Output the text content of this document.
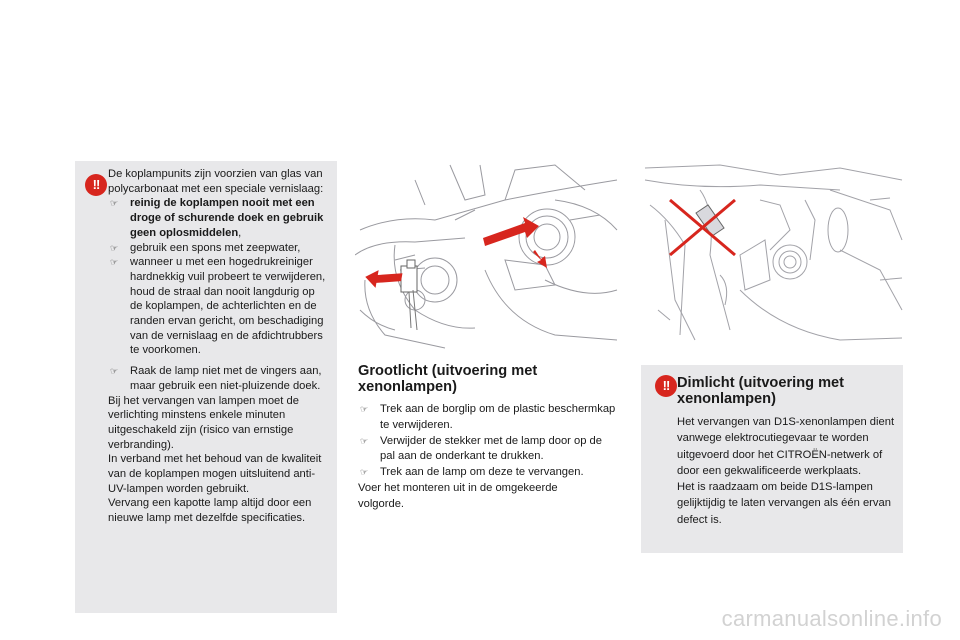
!!

De koplampunits zijn voorzien van glas van polycarbonaat met een speciale vernislaag:

☞ reinig de koplampen nooit met een droge of schurende doek en gebruik geen oplosmiddelen,
☞ gebruik een spons met zeepwater,
☞ wanneer u met een hogedrukreiniger hardnekkig vuil probeert te verwijderen, houd de straal dan nooit langdurig op de koplampen, de achterlichten en de randen ervan gericht, om beschadiging van de vernislaag en de afdichtrubbers te voorkomen.
☞ Raak de lamp niet met de vingers aan, maar gebruik een niet-pluizende doek.

Bij het vervangen van lampen moet de verlichting minstens enkele minuten uitgeschakeld zijn (risico van ernstige verbranding).

In verband met het behoud van de kwaliteit van de koplampen mogen uitsluitend anti-UV-lampen worden gebruikt.

Vervang een kapotte lamp altijd door een nieuwe lamp met dezelfde specificaties.

Grootlicht (uitvoering met xenonlampen)
☞ Trek aan de borglip om de plastic beschermkap te verwijderen.
☞ Verwijder de stekker met de lamp door op de pal aan de onderkant te drukken.
☞ Trek aan de lamp om deze te vervangen.

Voer het monteren uit in de omgekeerde volgorde.

!! Dimlicht (uitvoering met xenonlampen)

Het vervangen van D1S-xenonlampen dient vanwege elektrocutiegevaar te worden uitgevoerd door het CITROËN-netwerk of door een gekwalificeerde werkplaats.

Het is raadzaam om beide D1S-lampen gelijktijdig te laten vervangen als één ervan defect is.

carmanualsonline.info
